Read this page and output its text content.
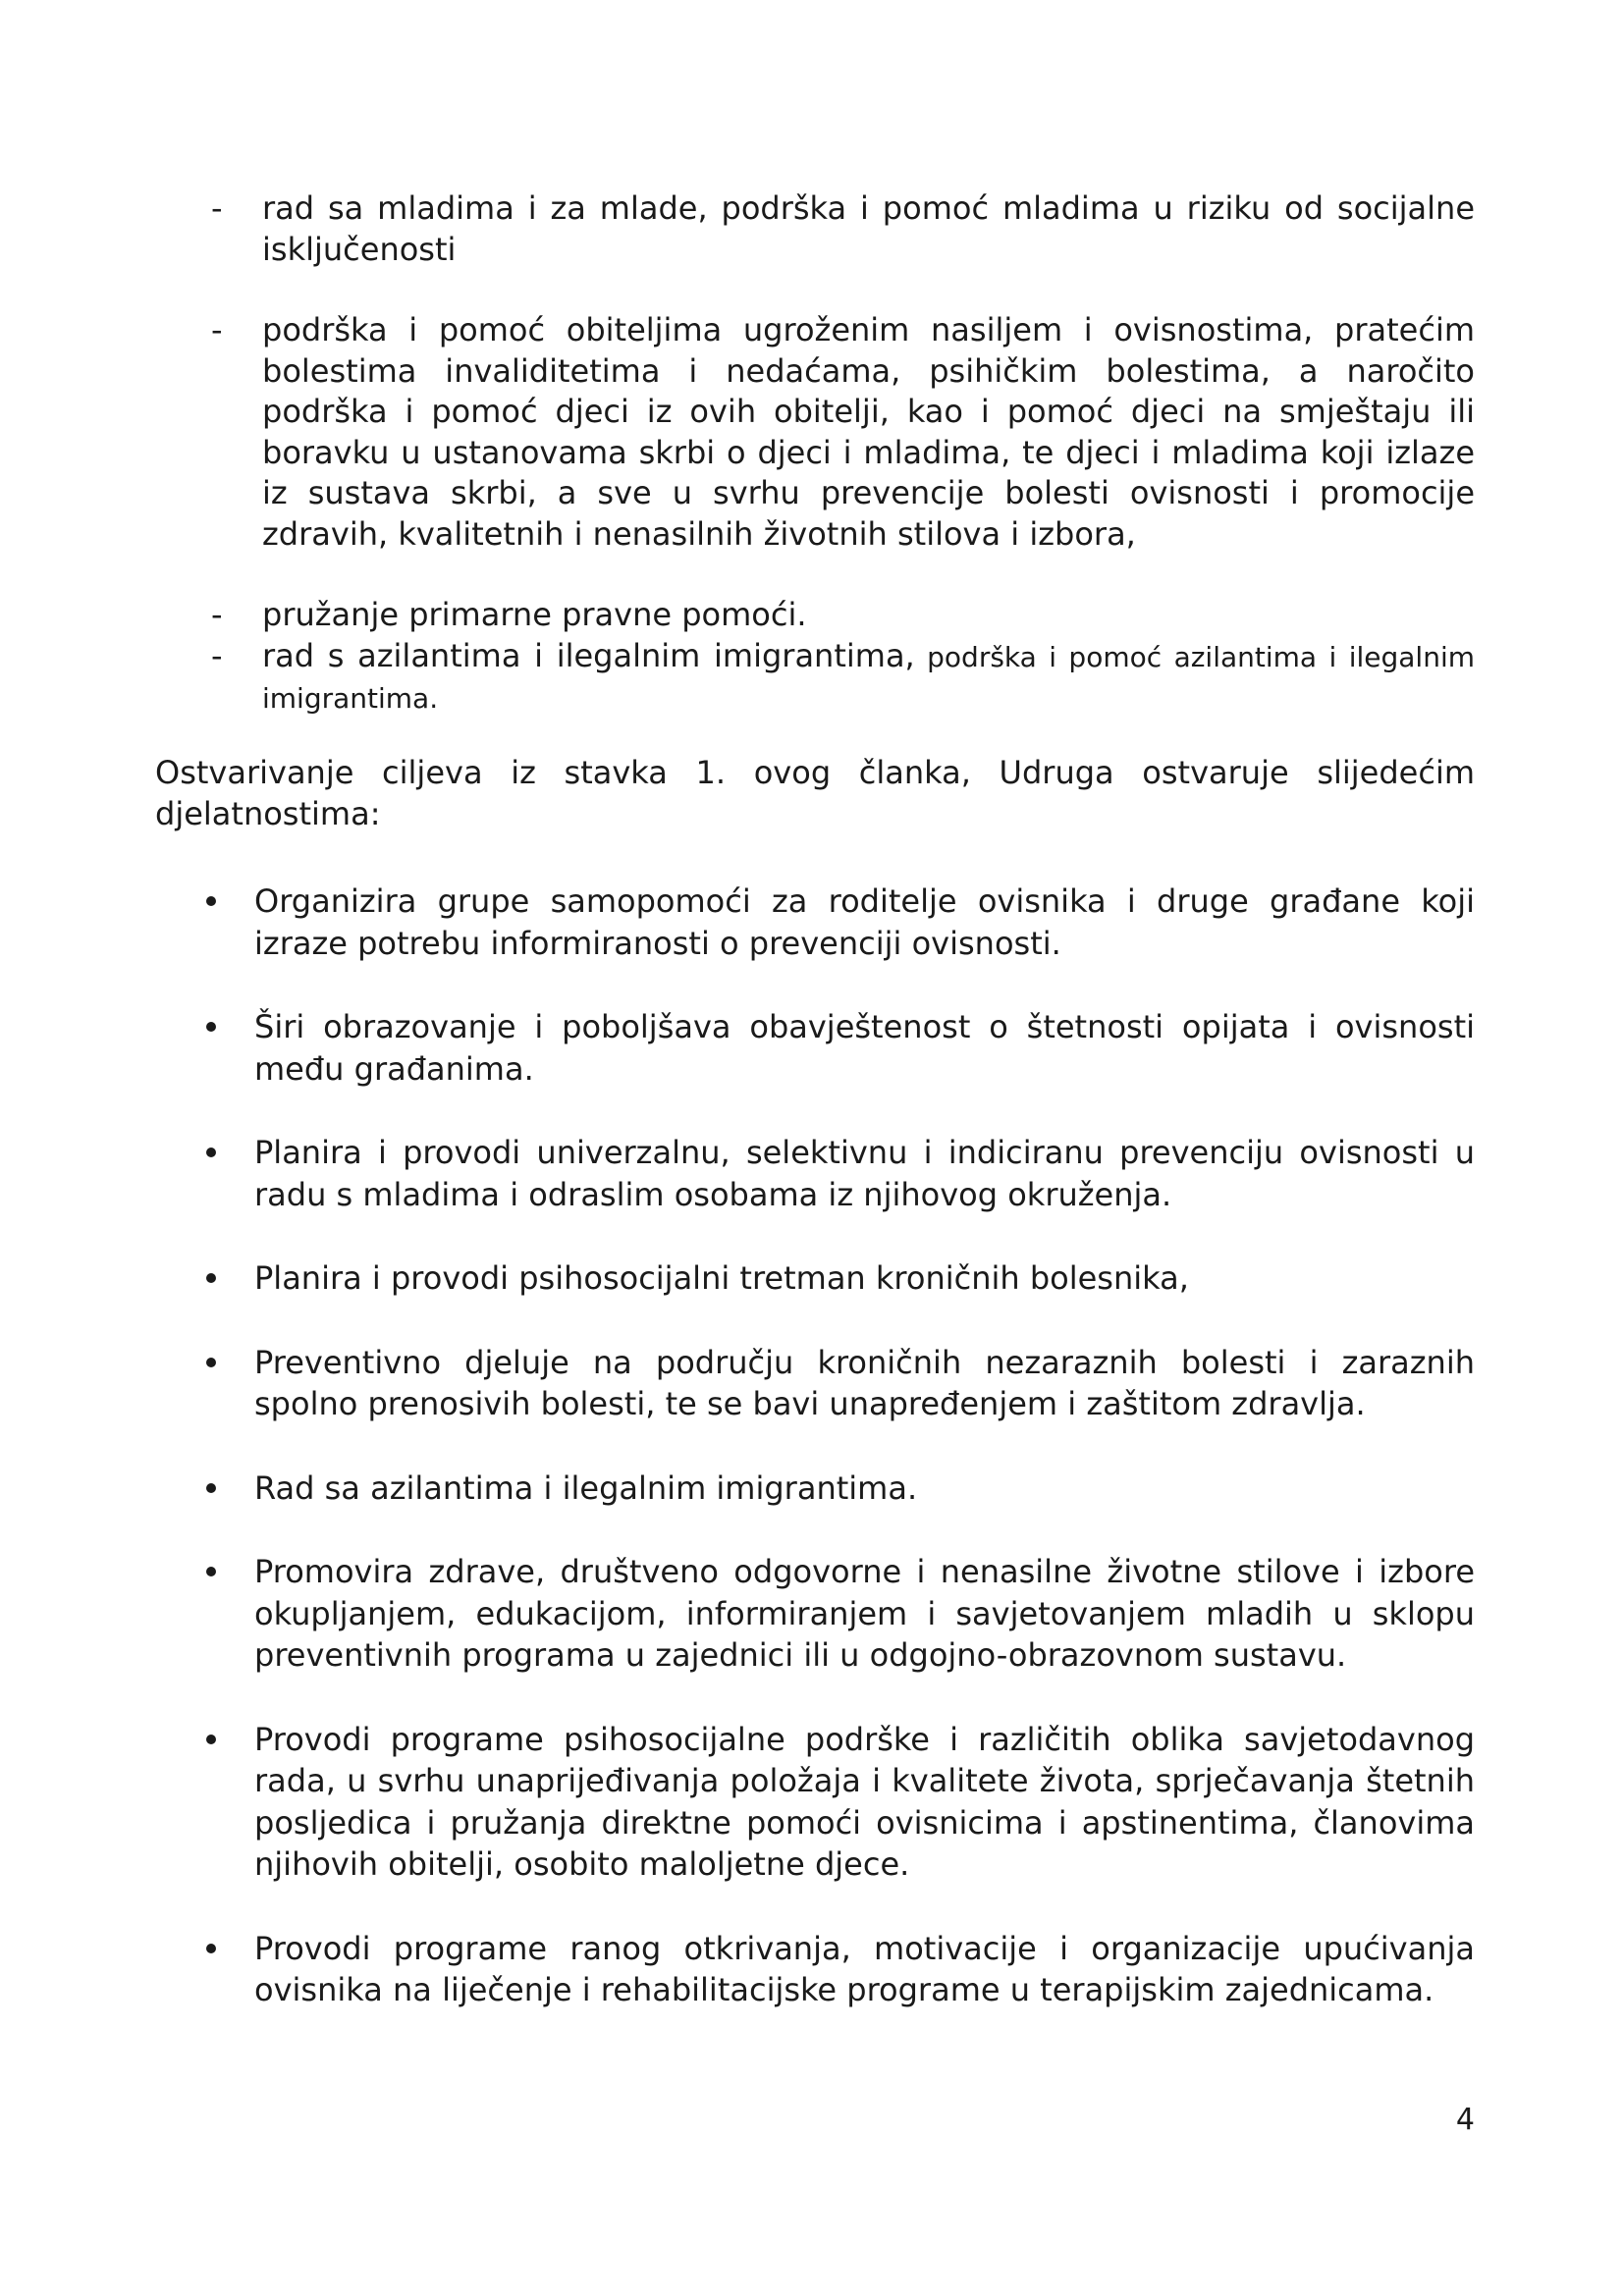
- rad sa mladima i za mlade, podrška i pomoć mladima u riziku od socijalne isključenosti
- podrška i pomoć obiteljima ugroženim nasiljem i ovisnostima, pratećim bolestima invaliditetima i nedaćama, psihičkim bolestima, a naročito podrška i pomoć djeci iz ovih obitelji, kao i pomoć djeci na smještaju ili boravku u ustanovama skrbi o djeci i mladima, te djeci i mladima koji izlaze iz sustava skrbi, a sve u svrhu prevencije bolesti ovisnosti i promocije zdravih, kvalitetnih i nenasilnih životnih stilova i izbora,
- pružanje primarne pravne pomoći.
- rad s azilantima i ilegalnim imigrantima, podrška i pomoć azilantima i ilegalnim imigrantima.

Ostvarivanje ciljeva iz stavka 1. ovog članka, Udruga ostvaruje slijedećim djelatnostima:

Organizira grupe samopomoći za roditelje ovisnika i druge građane koji izraze potrebu informiranosti o prevenciji ovisnosti.
Širi obrazovanje i poboljšava obavještenost o štetnosti opijata i ovisnosti među građanima.
Planira i provodi univerzalnu, selektivnu i indiciranu prevenciju ovisnosti u radu s mladima i odraslim osobama iz njihovog okruženja.
Planira i provodi psihosocijalni tretman kroničnih bolesnika,
Preventivno djeluje na području kroničnih nezaraznih bolesti i zaraznih spolno prenosivih bolesti, te se bavi unapređenjem i zaštitom zdravlja.
Rad sa azilantima i ilegalnim imigrantima.
Promovira zdrave, društveno odgovorne i nenasilne životne stilove i izbore okupljanjem, edukacijom, informiranjem i savjetovanjem mladih u sklopu preventivnih programa u zajednici ili u odgojno-obrazovnom sustavu.
Provodi programe psihosocijalne podrške i različitih oblika savjetodavnog rada, u svrhu unaprijeđivanja položaja i kvalitete života, sprječavanja štetnih posljedica i pružanja direktne pomoći ovisnicima i apstinentima, članovima njihovih obitelji, osobito maloljetne djece.
Provodi programe ranog otkrivanja, motivacije i organizacije upućivanja ovisnika na liječenje i rehabilitacijske programe u terapijskim zajednicama.
4
